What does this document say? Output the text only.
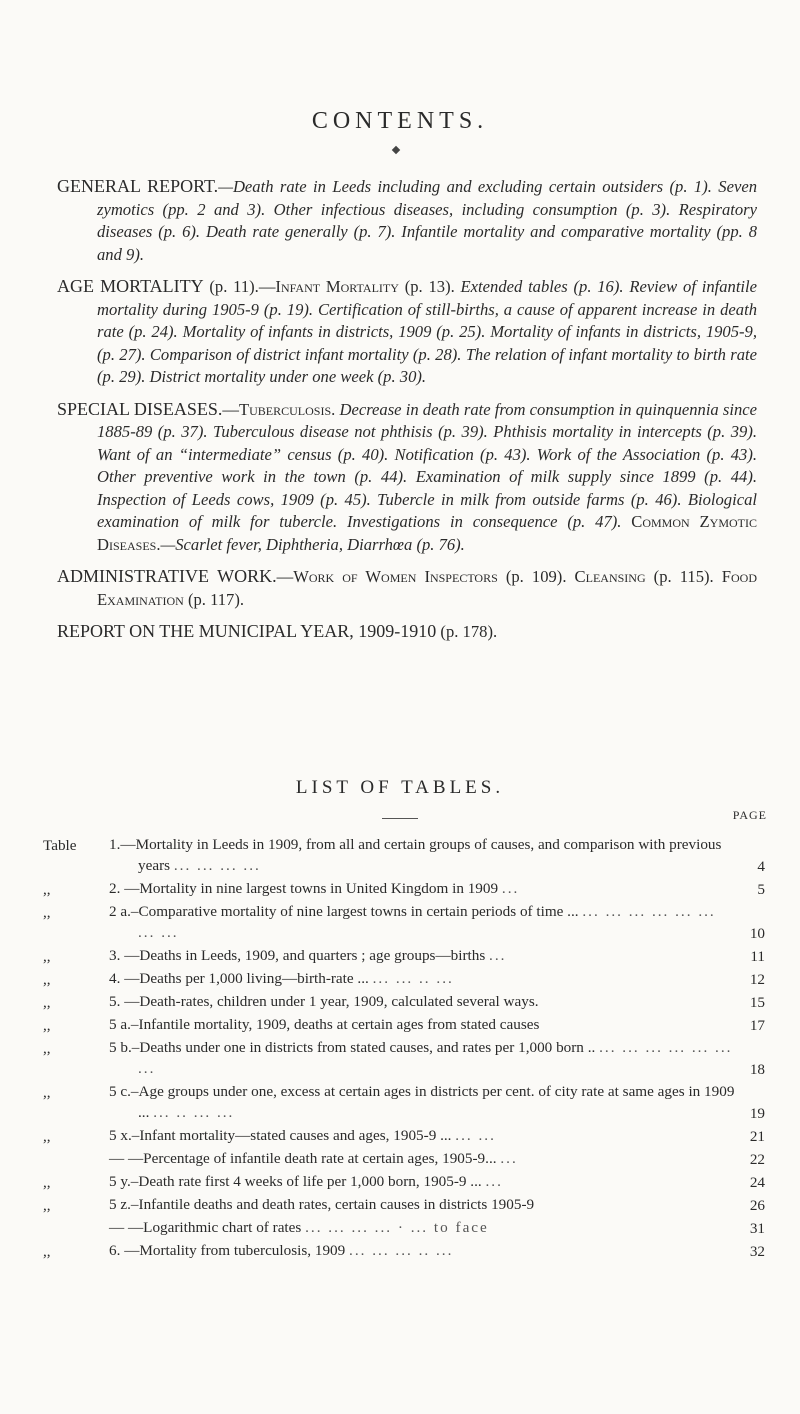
CONTENTS.

GENERAL REPORT.—Death rate in Leeds including and excluding certain outsiders (p. 1). Seven zymotics (pp. 2 and 3). Other infectious diseases, including consumption (p. 3). Respiratory diseases (p. 6). Death rate generally (p. 7). Infantile mortality and comparative mortality (pp. 8 and 9).

AGE MORTALITY (p. 11).—Infant Mortality (p. 13). Extended tables (p. 16). Review of infantile mortality during 1905-9 (p. 19). Certification of still-births, a cause of apparent increase in death rate (p. 24). Mortality of infants in districts, 1909 (p. 25). Mortality of infants in districts, 1905-9, (p. 27). Comparison of district infant mortality (p. 28). The relation of infant mortality to birth rate (p. 29). District mortality under one week (p. 30).

SPECIAL DISEASES.—Tuberculosis. Decrease in death rate from consumption in quinquennia since 1885-89 (p. 37). Tuberculous disease not phthisis (p. 39). Phthisis mortality in intercepts (p. 39). Want of an “intermediate” census (p. 40). Notification (p. 43). Work of the Association (p. 43). Other preventive work in the town (p. 44). Examination of milk supply since 1899 (p. 44). Inspection of Leeds cows, 1909 (p. 45). Tubercle in milk from outside farms (p. 46). Biological examination of milk for tubercle. Investigations in consequence (p. 47). Common Zymotic Diseases.—Scarlet fever, Diphtheria, Diarrhœa (p. 76).

ADMINISTRATIVE WORK.—Work of Women Inspectors (p. 109). Cleansing (p. 115). Food Examination (p. 117).

REPORT ON THE MUNICIPAL YEAR, 1909-1910 (p. 178).

LIST OF TABLES.
PAGE
Table 1.—Mortality in Leeds in 1909, from all and certain groups of causes, and comparison with previous years ... ... ... ...	4
,,	2. —Mortality in nine largest towns in United Kingdom in 1909 ...	5
,,	2 a.–Comparative mortality of nine largest towns in certain periods of time ... ... ... ... ... ... ... ... ...	10
,,	3. —Deaths in Leeds, 1909, and quarters ; age groups—births ...	11
,,	4. —Deaths per 1,000 living—birth-rate ... ... ... .. ...	12
,,	5. —Death-rates, children under 1 year, 1909, calculated several ways.	15
,,	5 a.–Infantile mortality, 1909, deaths at certain ages from stated causes	17
,,	5 b.–Deaths under one in districts from stated causes, and rates per 1,000 born .. ... ... ... ... ... ... ...	18
,,	5 c.–Age groups under one, excess at certain ages in districts per cent. of city rate at same ages in 1909 ... ... .. ... ...	19
,,	5 x.–Infant mortality—stated causes and ages, 1905-9 ... ... ...	21
— —Percentage of infantile death rate at certain ages, 1905-9... ...	22
,,	5 y.–Death rate first 4 weeks of life per 1,000 born, 1905-9 ... ...	24
,,	5 z.–Infantile deaths and death rates, certain causes in districts 1905-9	26
— —Logarithmic chart of rates ... ... ... ... · ... to face	31
,,	6. —Mortality from tuberculosis, 1909 ... ... ... .. ...	32
